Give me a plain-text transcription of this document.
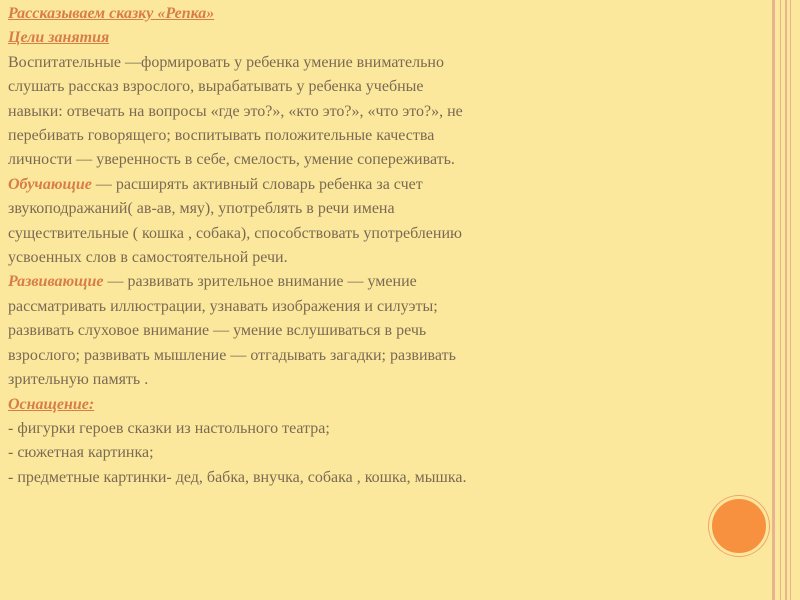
Рассказываем сказку «Репка»
Цели занятия
Воспитательные —формировать у ребенка умение внимательно
слушать рассказ взрослого, вырабатывать у ребенка учебные
навыки: отвечать на вопросы «где это?», «кто это?», «что это?», не
перебивать говорящего; воспитывать положительные качества
личности — уверенность в себе, смелость, умение сопереживать.
Обучающие — расширять активный словарь ребенка за счет
звукоподражаний( ав-ав, мяу), употреблять в речи имена
существительные ( кошка , собака), способствовать употреблению
усвоенных слов в самостоятельной речи.
Развивающие — развивать зрительное внимание — умение
рассматривать иллюстрации, узнавать изображения и силуэты;
развивать слуховое внимание — умение вслушиваться в речь
взрослого; развивать мышление — отгадывать загадки; развивать
зрительную память .
Оснащение:
- фигурки героев сказки из настольного театра;
- сюжетная картинка;
- предметные картинки- дед, бабка, внучка, собака , кошка, мышка.
